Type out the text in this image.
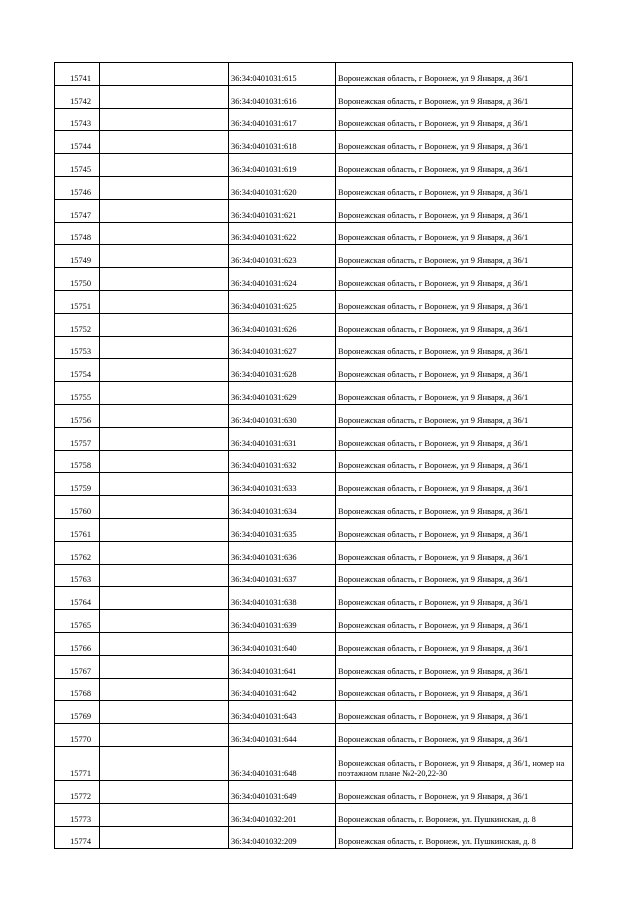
15741		36:34:0401031:615	Воронежская область, г Воронеж, ул 9 Января, д 36/1
15742		36:34:0401031:616	Воронежская область, г Воронеж, ул 9 Января, д 36/1
15743		36:34:0401031:617	Воронежская область, г Воронеж, ул 9 Января, д 36/1
15744		36:34:0401031:618	Воронежская область, г Воронеж, ул 9 Января, д 36/1
15745		36:34:0401031:619	Воронежская область, г Воронеж, ул 9 Января, д 36/1
15746		36:34:0401031:620	Воронежская область, г Воронеж, ул 9 Января, д 36/1
15747		36:34:0401031:621	Воронежская область, г Воронеж, ул 9 Января, д 36/1
15748		36:34:0401031:622	Воронежская область, г Воронеж, ул 9 Января, д 36/1
15749		36:34:0401031:623	Воронежская область, г Воронеж, ул 9 Января, д 36/1
15750		36:34:0401031:624	Воронежская область, г Воронеж, ул 9 Января, д 36/1
15751		36:34:0401031:625	Воронежская область, г Воронеж, ул 9 Января, д 36/1
15752		36:34:0401031:626	Воронежская область, г Воронеж, ул 9 Января, д 36/1
15753		36:34:0401031:627	Воронежская область, г Воронеж, ул 9 Января, д 36/1
15754		36:34:0401031:628	Воронежская область, г Воронеж, ул 9 Января, д 36/1
15755		36:34:0401031:629	Воронежская область, г Воронеж, ул 9 Января, д 36/1
15756		36:34:0401031:630	Воронежская область, г Воронеж, ул 9 Января, д 36/1
15757		36:34:0401031:631	Воронежская область, г Воронеж, ул 9 Января, д 36/1
15758		36:34:0401031:632	Воронежская область, г Воронеж, ул 9 Января, д 36/1
15759		36:34:0401031:633	Воронежская область, г Воронеж, ул 9 Января, д 36/1
15760		36:34:0401031:634	Воронежская область, г Воронеж, ул 9 Января, д 36/1
15761		36:34:0401031:635	Воронежская область, г Воронеж, ул 9 Января, д 36/1
15762		36:34:0401031:636	Воронежская область, г Воронеж, ул 9 Января, д 36/1
15763		36:34:0401031:637	Воронежская область, г Воронеж, ул 9 Января, д 36/1
15764		36:34:0401031:638	Воронежская область, г Воронеж, ул 9 Января, д 36/1
15765		36:34:0401031:639	Воронежская область, г Воронеж, ул 9 Января, д 36/1
15766		36:34:0401031:640	Воронежская область, г Воронеж, ул 9 Января, д 36/1
15767		36:34:0401031:641	Воронежская область, г Воронеж, ул 9 Января, д 36/1
15768		36:34:0401031:642	Воронежская область, г Воронеж, ул 9 Января, д 36/1
15769		36:34:0401031:643	Воронежская область, г Воронеж, ул 9 Января, д 36/1
15770		36:34:0401031:644	Воронежская область, г Воронеж, ул 9 Января, д 36/1
15771		36:34:0401031:648	Воронежская область, г Воронеж, ул 9 Января, д 36/1, номер на поэтажном плане №2-20,22-30
15772		36:34:0401031:649	Воронежская область, г Воронеж, ул 9 Января, д 36/1
15773		36:34:0401032:201	Воронежская область, г. Воронеж, ул. Пушкинская, д. 8
15774		36:34:0401032:209	Воронежская область, г. Воронеж, ул. Пушкинская, д. 8
